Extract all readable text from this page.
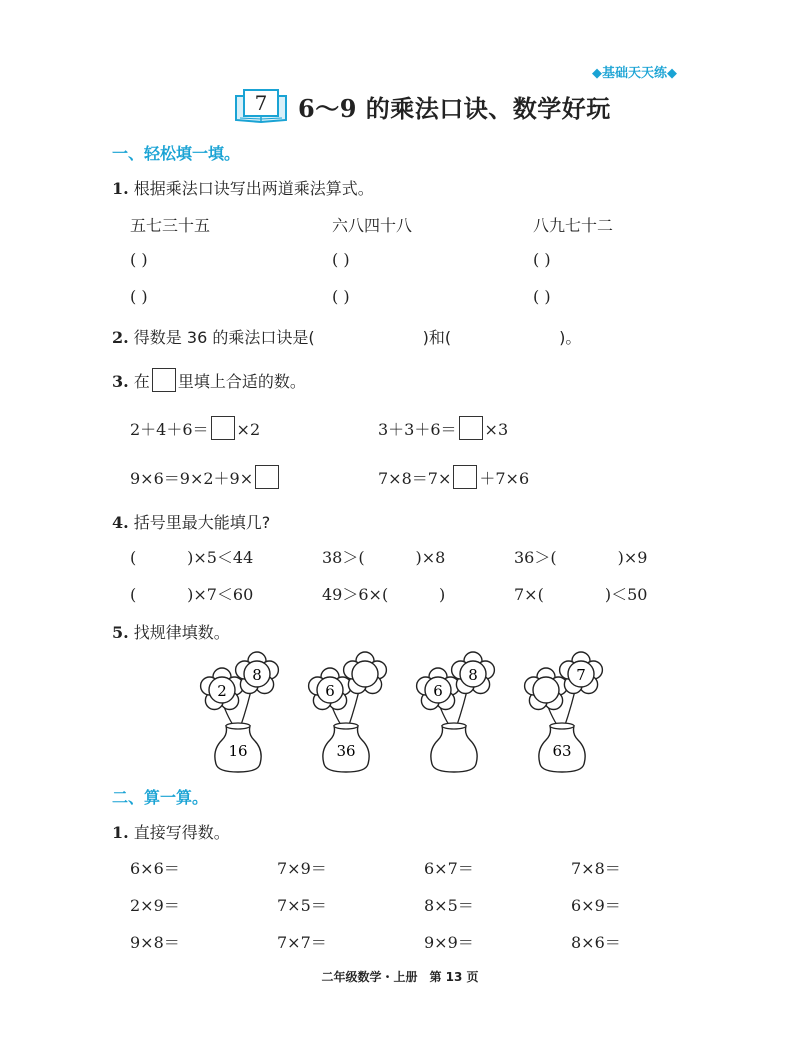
◆基础天天练◆
7 6～9 的乘法口诀、数学好玩
一、轻松填一填。
1. 根据乘法口诀写出两道乘法算式。
五七三十五	六八四十八	八九七十二
( )	( )	( )
( )	( )	( )
2. 得数是 36 的乘法口诀是(	)和(	)。
3. 在 里填上合适的数。
2＋4＋6＝ ×2	3＋3＋6＝ ×3
9×6＝9×2＋9×	7×8＝7× ＋7×6
4. 括号里最大能填几?
(          )×5＜44	38＞(          )×8	36＞(            )×9
(          )×7＜60	49＞6×(          )	7×(            )＜50
5. 找规律填数。
2
8
16
6
36
6
8	7
63
二、算一算。
1. 直接写得数。
6×6＝	7×9＝	6×7＝	7×8＝
2×9＝	7×5＝	8×5＝	6×9＝
9×8＝	7×7＝	9×9＝	8×6＝
二年级数学・上册　第 13 页
